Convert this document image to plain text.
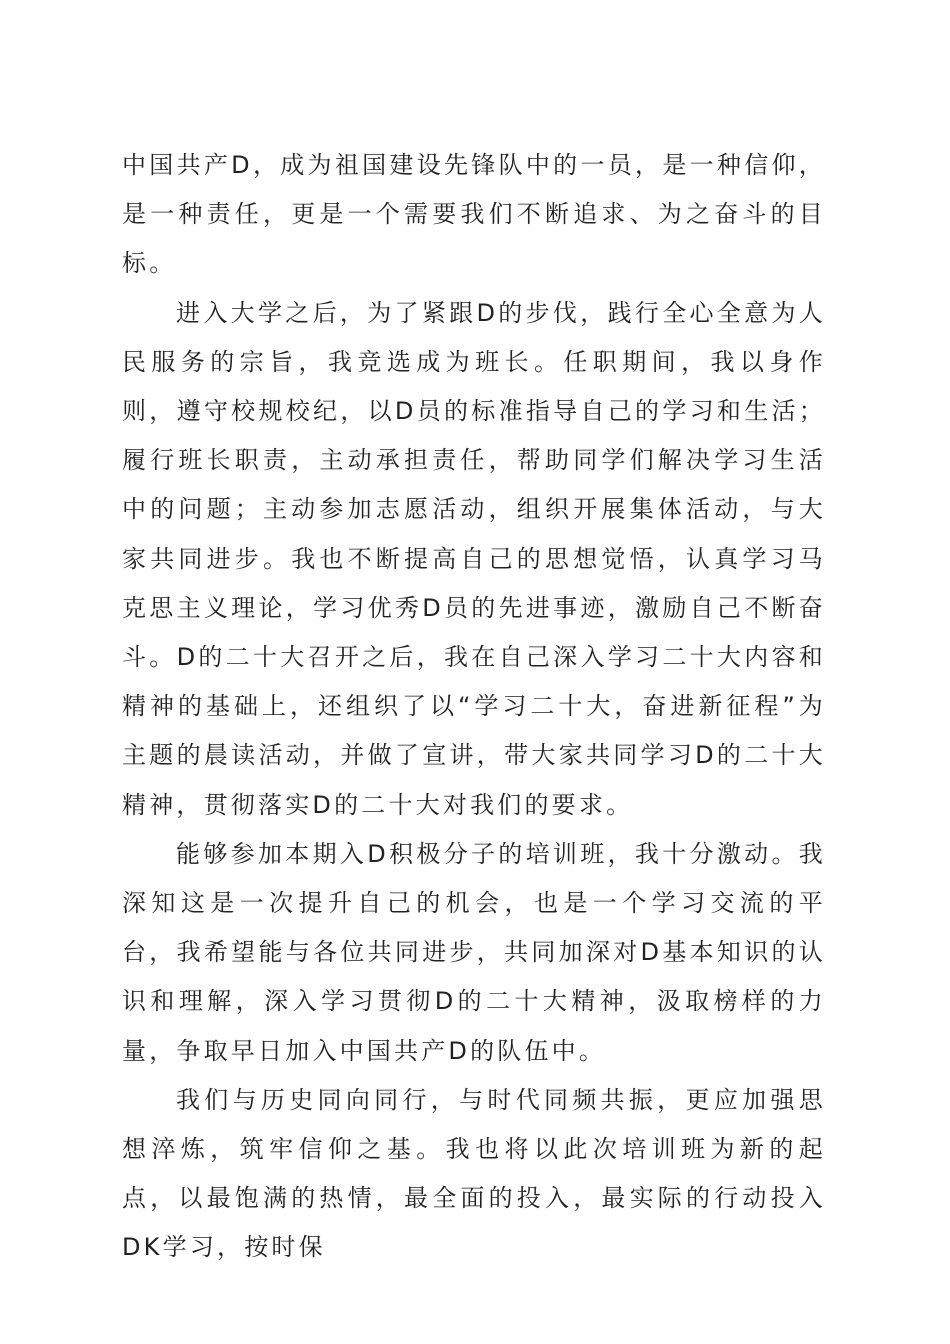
中国共产D，成为祖国建设先锋队中的一员，是一种信仰，是一种责任，更是一个需要我们不断追求、为之奋斗的目标。

进入大学之后，为了紧跟D的步伐，践行全心全意为人民服务的宗旨，我竞选成为班长。任职期间，我以身作则，遵守校规校纪，以D员的标准指导自己的学习和生活；履行班长职责，主动承担责任，帮助同学们解决学习生活中的问题；主动参加志愿活动，组织开展集体活动，与大家共同进步。我也不断提高自己的思想觉悟，认真学习马克思主义理论，学习优秀D员的先进事迹，激励自己不断奋斗。D的二十大召开之后，我在自己深入学习二十大内容和精神的基础上，还组织了以“学习二十大，奋进新征程”为主题的晨读活动，并做了宣讲，带大家共同学习D的二十大精神，贯彻落实D的二十大对我们的要求。

能够参加本期入D积极分子的培训班，我十分激动。我深知这是一次提升自己的机会，也是一个学习交流的平台，我希望能与各位共同进步，共同加深对D基本知识的认识和理解，深入学习贯彻D的二十大精神，汲取榜样的力量，争取早日加入中国共产D的队伍中。

我们与历史同向同行，与时代同频共振，更应加强思想淬炼，筑牢信仰之基。我也将以此次培训班为新的起点，以最饱满的热情，最全面的投入，最实际的行动投入DK学习，按时保
